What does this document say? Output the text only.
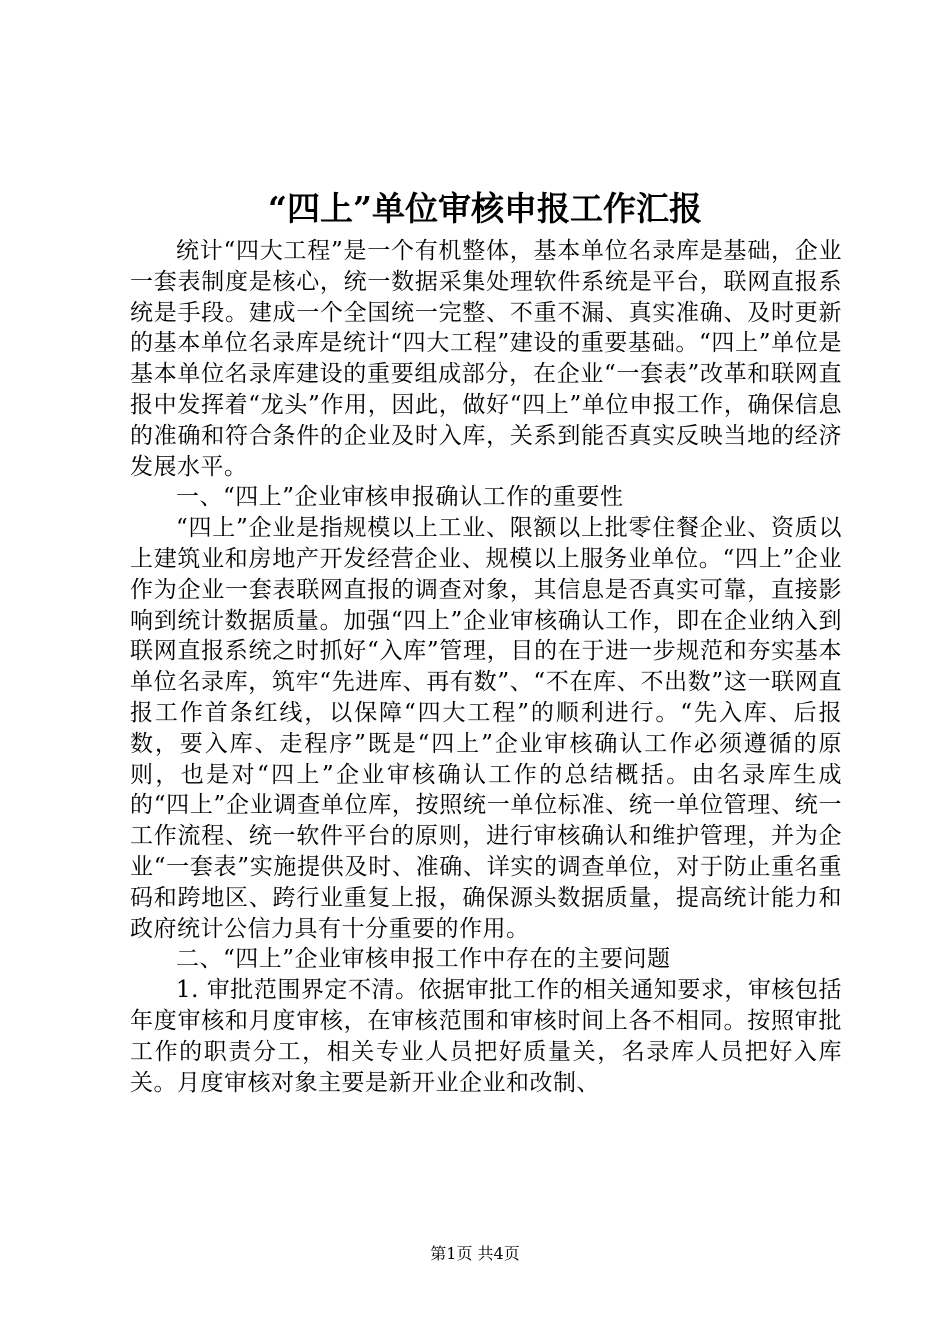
“四上”单位审核申报工作汇报

统计“四大工程”是一个有机整体，基本单位名录库是基础，企业一套表制度是核心，统一数据采集处理软件系统是平台，联网直报系统是手段。建成一个全国统一完整、不重不漏、真实准确、及时更新的基本单位名录库是统计“四大工程”建设的重要基础。“四上”单位是基本单位名录库建设的重要组成部分，在企业“一套表”改革和联网直报中发挥着“龙头”作用，因此，做好“四上”单位申报工作，确保信息的准确和符合条件的企业及时入库，关系到能否真实反映当地的经济发展水平。

一、“四上”企业审核申报确认工作的重要性

“四上”企业是指规模以上工业、限额以上批零住餐企业、资质以上建筑业和房地产开发经营企业、规模以上服务业单位。“四上”企业作为企业一套表联网直报的调查对象，其信息是否真实可靠，直接影响到统计数据质量。加强“四上”企业审核确认工作，即在企业纳入到联网直报系统之时抓好“入库”管理，目的在于进一步规范和夯实基本单位名录库，筑牢“先进库、再有数”、“不在库、不出数”这一联网直报工作首条红线，以保障“四大工程”的顺利进行。“先入库、后报数，要入库、走程序”既是“四上”企业审核确认工作必须遵循的原则，也是对“四上”企业审核确认工作的总结概括。由名录库生成的“四上”企业调查单位库，按照统一单位标准、统一单位管理、统一工作流程、统一软件平台的原则，进行审核确认和维护管理，并为企业“一套表”实施提供及时、准确、详实的调查单位，对于防止重名重码和跨地区、跨行业重复上报，确保源头数据质量，提高统计能力和政府统计公信力具有十分重要的作用。

二、“四上”企业审核申报工作中存在的主要问题

1. 审批范围界定不清。依据审批工作的相关通知要求，审核包括年度审核和月度审核，在审核范围和审核时间上各不相同。按照审批工作的职责分工，相关专业人员把好质量关，名录库人员把好入库关。月度审核对象主要是新开业企业和改制、

第1页 共4页
